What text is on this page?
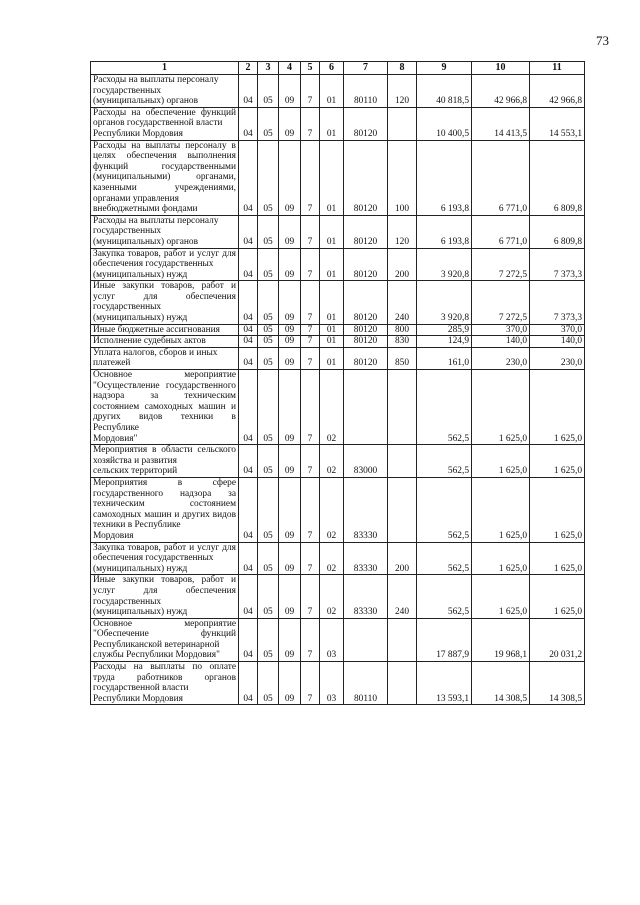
73
1	2	3	4	5	6	7	8	9	10	11
Расходы на выплаты персоналу
государственных
(муниципальных) органов	04	05	09	7	01	80110	120	40 818,5	42 966,8	42 966,8
Расходы на обеспечение функций органов государственной власти
Республики Мордовия	04	05	09	7	01	80120		10 400,5	14 413,5	14 553,1
Расходы на выплаты персоналу в целях обеспечения выполнения функций государственными (муниципальными) органами, казенными учреждениями, органами управления
внебюджетными фондами	04	05	09	7	01	80120	100	6 193,8	6 771,0	6 809,8
Расходы на выплаты персоналу
государственных
(муниципальных) органов	04	05	09	7	01	80120	120	6 193,8	6 771,0	6 809,8
Закупка товаров, работ и услуг для обеспечения государственных
(муниципальных) нужд	04	05	09	7	01	80120	200	3 920,8	7 272,5	7 373,3
Иные закупки товаров, работ и услуг для обеспечения государственных
(муниципальных) нужд	04	05	09	7	01	80120	240	3 920,8	7 272,5	7 373,3
Иные бюджетные ассигнования	04	05	09	7	01	80120	800	285,9	370,0	370,0
Исполнение судебных актов	04	05	09	7	01	80120	830	124,9	140,0	140,0
Уплата налогов, сборов и иных
платежей	04	05	09	7	01	80120	850	161,0	230,0	230,0
Основное мероприятие "Осуществление государственного надзора за техническим состоянием самоходных машин и других видов техники в Республике
Мордовия"	04	05	09	7	02			562,5	1 625,0	1 625,0
Мероприятия в области сельского хозяйства и развития
сельских территорий	04	05	09	7	02	83000		562,5	1 625,0	1 625,0
Мероприятия в сфере государственного надзора за техническим состоянием самоходных машин и других видов техники в Республике
Мордовия	04	05	09	7	02	83330		562,5	1 625,0	1 625,0
Закупка товаров, работ и услуг для обеспечения государственных
(муниципальных) нужд	04	05	09	7	02	83330	200	562,5	1 625,0	1 625,0
Иные закупки товаров, работ и услуг для обеспечения государственных
(муниципальных) нужд	04	05	09	7	02	83330	240	562,5	1 625,0	1 625,0
Основное мероприятие "Обеспечение функций Республиканской ветеринарной
службы Республики Мордовия"	04	05	09	7	03			17 887,9	19 968,1	20 031,2
Расходы на выплаты по оплате труда работников органов государственной власти
Республики Мордовия	04	05	09	7	03	80110		13 593,1	14 308,5	14 308,5
